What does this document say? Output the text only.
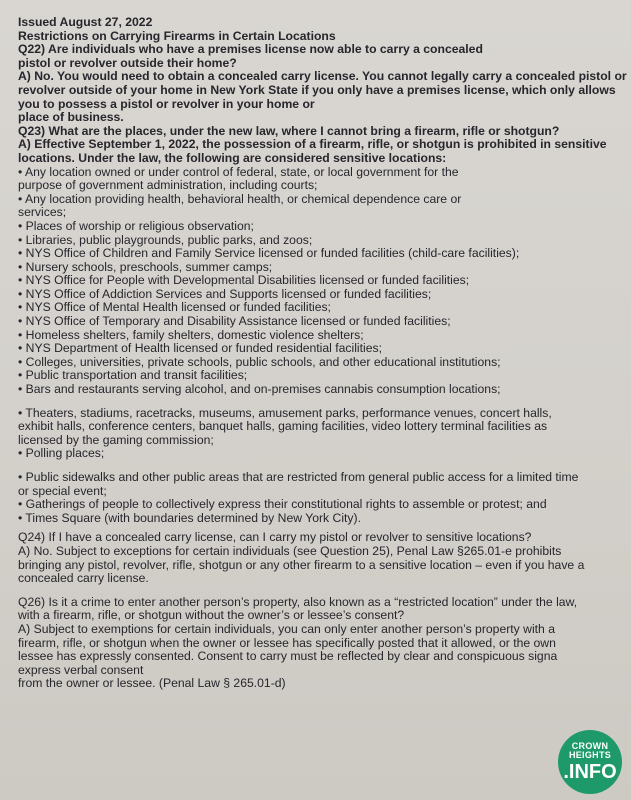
Issued August 27, 2022
Restrictions on Carrying Firearms in Certain Locations
Q22) Are individuals who have a premises license now able to carry a concealed
pistol or revolver outside their home?
A) No. You would need to obtain a concealed carry license. You cannot legally carry a concealed pistol or
revolver outside of your home in New York State if you only have a premises license, which only allows
you to possess a pistol or revolver in your home or
place of business.
Q23) What are the places, under the new law, where I cannot bring a firearm, rifle or shotgun?
A) Effective September 1, 2022, the possession of a firearm, rifle, or shotgun is prohibited in sensitive
locations. Under the law, the following are considered sensitive locations:
• Any location owned or under control of federal, state, or local government for the
purpose of government administration, including courts;
• Any location providing health, behavioral health, or chemical dependence care or
services;
• Places of worship or religious observation;
• Libraries, public playgrounds, public parks, and zoos;
• NYS Office of Children and Family Service licensed or funded facilities (child-care facilities);
• Nursery schools, preschools, summer camps;
• NYS Office for People with Developmental Disabilities licensed or funded facilities;
• NYS Office of Addiction Services and Supports licensed or funded facilities;
• NYS Office of Mental Health licensed or funded facilities;
• NYS Office of Temporary and Disability Assistance licensed or funded facilities;
• Homeless shelters, family shelters, domestic violence shelters;
• NYS Department of Health licensed or funded residential facilities;
• Colleges, universities, private schools, public schools, and other educational institutions;
• Public transportation and transit facilities;
• Bars and restaurants serving alcohol, and on-premises cannabis consumption locations;
• Theaters, stadiums, racetracks, museums, amusement parks, performance venues, concert halls,
exhibit halls, conference centers, banquet halls, gaming facilities, video lottery terminal facilities as
licensed by the gaming commission;
• Polling places;
• Public sidewalks and other public areas that are restricted from general public access for a limited time
or special event;
• Gatherings of people to collectively express their constitutional rights to assemble or protest; and
• Times Square (with boundaries determined by New York City).
Q24) If I have a concealed carry license, can I carry my pistol or revolver to sensitive locations?
A) No. Subject to exceptions for certain individuals (see Question 25), Penal Law §265.01-e prohibits
bringing any pistol, revolver, rifle, shotgun or any other firearm to a sensitive location – even if you have a
concealed carry license.
Q26) Is it a crime to enter another person’s property, also known as a “restricted location” under the law,
with a firearm, rifle, or shotgun without the owner’s or lessee’s consent?
A) Subject to exemptions for certain individuals, you can only enter another person’s property with a
firearm, rifle, or shotgun when the owner or lessee has specifically posted that it allowed, or the own
lessee has expressly consented. Consent to carry must be reflected by clear and conspicuous signa
express verbal consent
from the owner or lessee. (Penal Law § 265.01-d)
CROWN
HEIGHTS
.INFO
